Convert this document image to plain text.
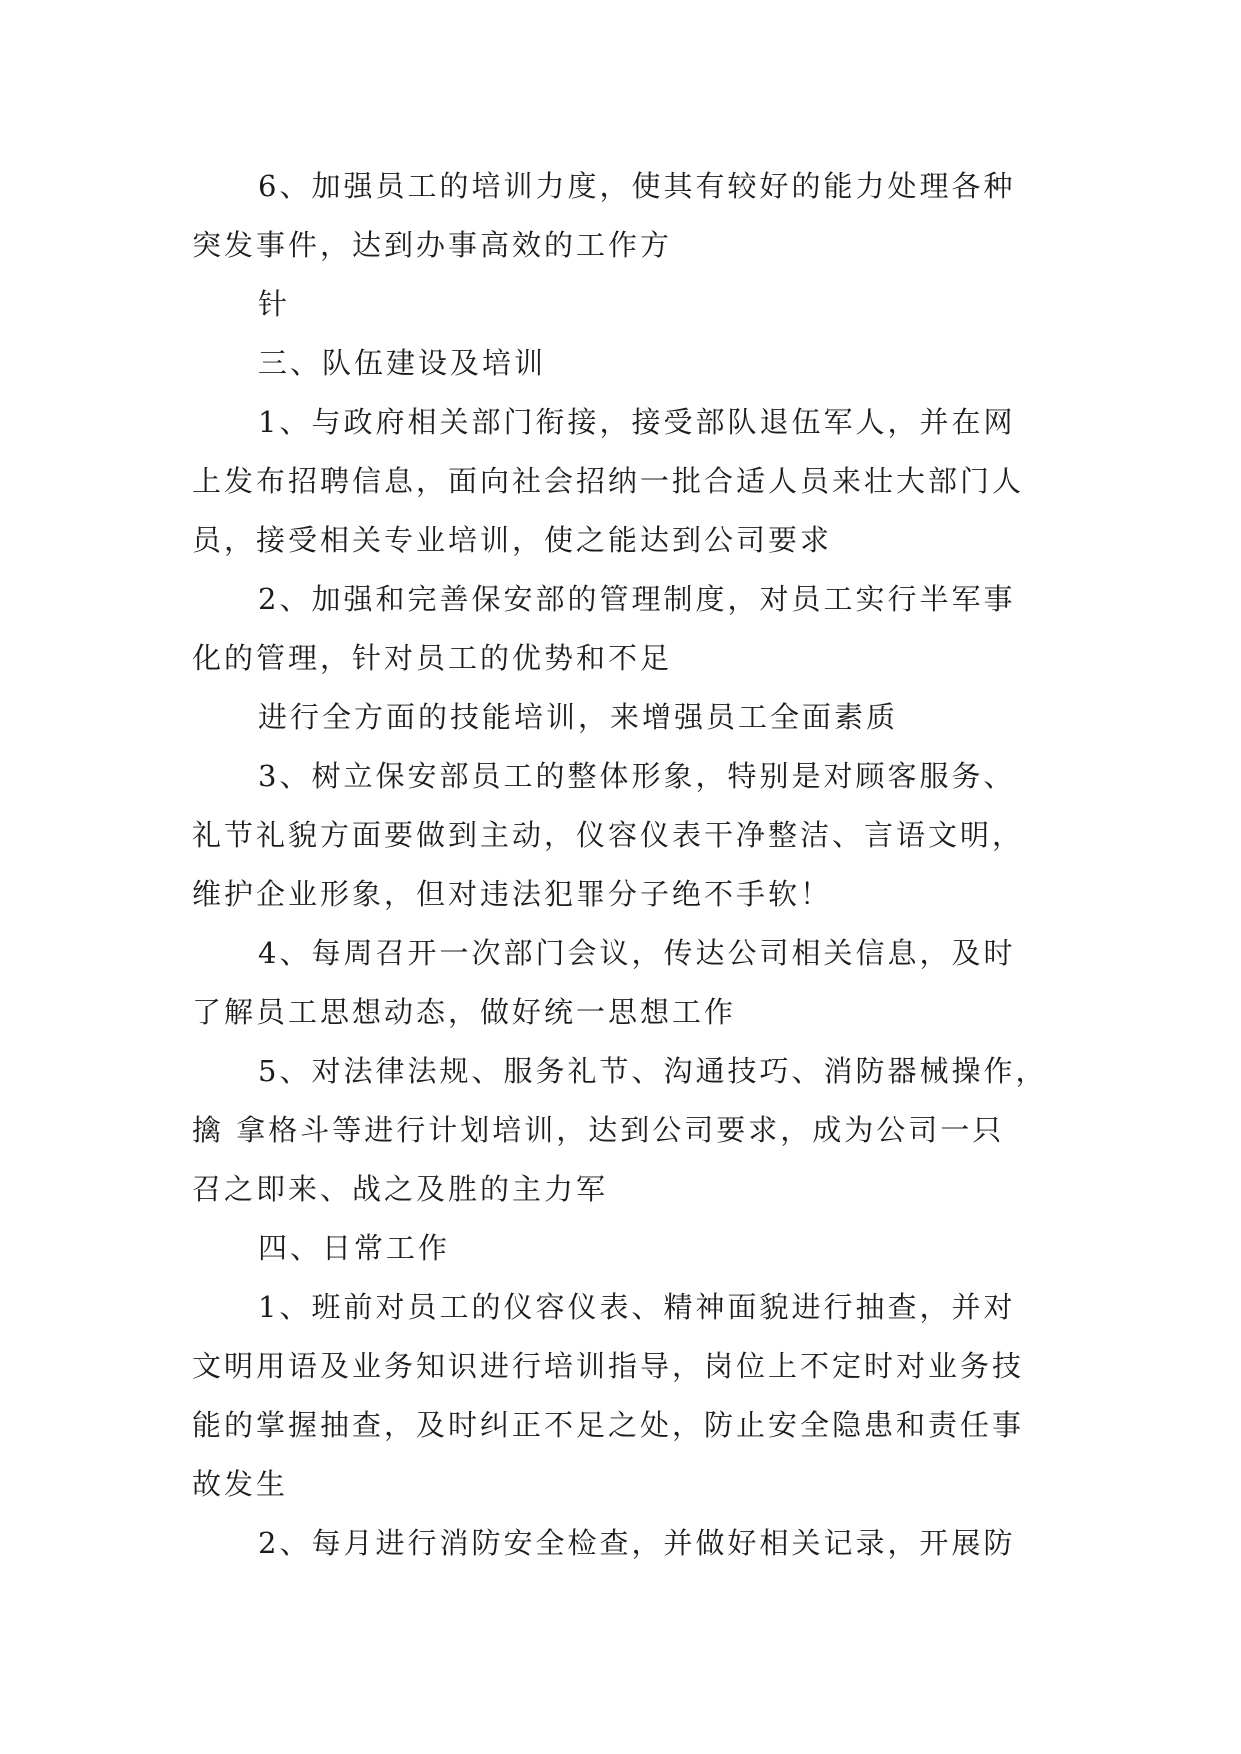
6、加强员工的培训力度，使其有较好的能力处理各种
突发事件，达到办事高效的工作方
针
三、队伍建设及培训
1、与政府相关部门衔接，接受部队退伍军人，并在网
上发布招聘信息，面向社会招纳一批合适人员来壮大部门人
员，接受相关专业培训，使之能达到公司要求
2、加强和完善保安部的管理制度，对员工实行半军事
化的管理，针对员工的优势和不足
进行全方面的技能培训，来增强员工全面素质
3、树立保安部员工的整体形象，特别是对顾客服务、
礼节礼貌方面要做到主动，仪容仪表干净整洁、言语文明，
维护企业形象，但对违法犯罪分子绝不手软！
4、每周召开一次部门会议，传达公司相关信息，及时
了解员工思想动态，做好统一思想工作
5、对法律法规、服务礼节、沟通技巧、消防器械操作，
擒 拿格斗等进行计划培训，达到公司要求，成为公司一只
召之即来、战之及胜的主力军
四、日常工作
1、班前对员工的仪容仪表、精神面貌进行抽查，并对
文明用语及业务知识进行培训指导，岗位上不定时对业务技
能的掌握抽查，及时纠正不足之处，防止安全隐患和责任事
故发生
2、每月进行消防安全检查，并做好相关记录，开展防
